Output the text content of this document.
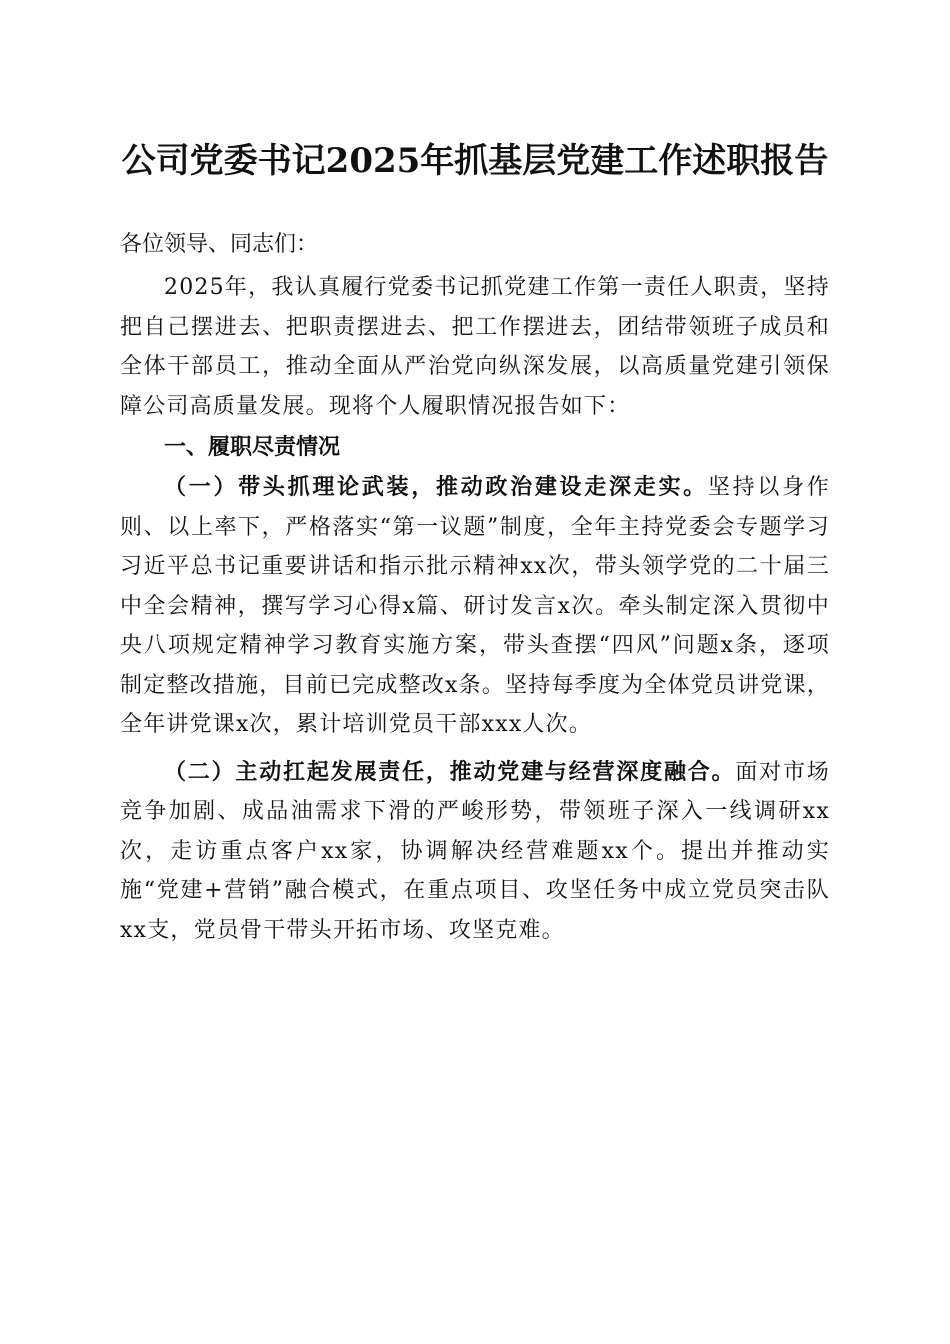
公司党委书记2025年抓基层党建工作述职报告

各位领导、同志们：

2025年，我认真履行党委书记抓党建工作第一责任人职责，坚持把自己摆进去、把职责摆进去、把工作摆进去，团结带领班子成员和全体干部员工，推动全面从严治党向纵深发展，以高质量党建引领保障公司高质量发展。现将个人履职情况报告如下：

一、履职尽责情况

（一）带头抓理论武装，推动政治建设走深走实。坚持以身作则、以上率下，严格落实“第一议题”制度，全年主持党委会专题学习习近平总书记重要讲话和指示批示精神xx次，带头领学党的二十届三中全会精神，撰写学习心得x篇、研讨发言x次。牵头制定深入贯彻中央八项规定精神学习教育实施方案，带头查摆“四风”问题x条，逐项制定整改措施，目前已完成整改x条。坚持每季度为全体党员讲党课，全年讲党课x次，累计培训党员干部xxx人次。

（二）主动扛起发展责任，推动党建与经营深度融合。面对市场竞争加剧、成品油需求下滑的严峻形势，带领班子深入一线调研xx次，走访重点客户xx家，协调解决经营难题xx个。提出并推动实施“党建+营销”融合模式，在重点项目、攻坚任务中成立党员突击队xx支，党员骨干带头开拓市场、攻坚克难。
